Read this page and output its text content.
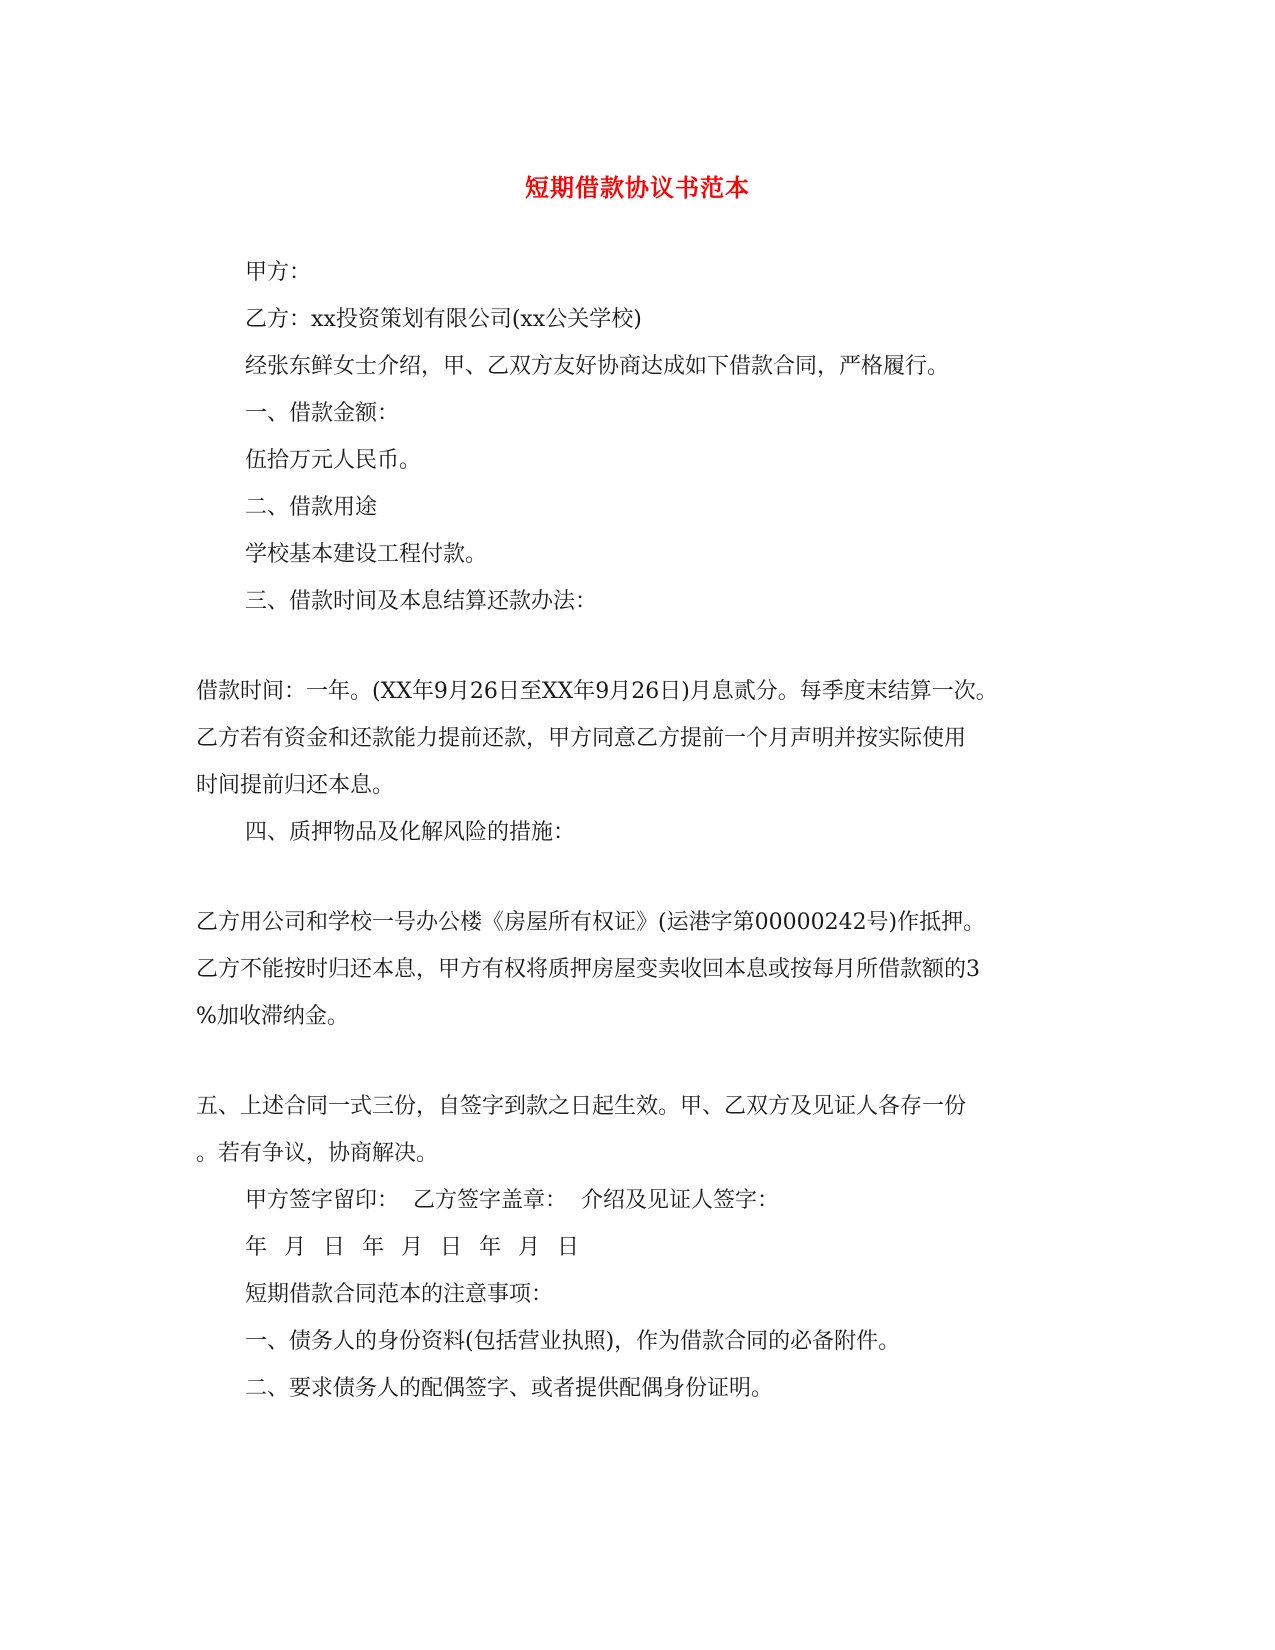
短期借款协议书范本

甲方：

乙方：xx投资策划有限公司(xx公关学校)

经张东鲜女士介绍，甲、乙双方友好协商达成如下借款合同，严格履行。

一、借款金额：

伍拾万元人民币。

二、借款用途

学校基本建设工程付款。

三、借款时间及本息结算还款办法：

借款时间：一年。(XX年9月26日至XX年9月26日)月息贰分。每季度末结算一次。

乙方若有资金和还款能力提前还款，甲方同意乙方提前一个月声明并按实际使用

时间提前归还本息。

四、质押物品及化解风险的措施：

乙方用公司和学校一号办公楼《房屋所有权证》(运港字第00000242号)作抵押。

乙方不能按时归还本息，甲方有权将质押房屋变卖收回本息或按每月所借款额的3

%加收滞纳金。

五、上述合同一式三份，自签字到款之日起生效。甲、乙双方及见证人各存一份

。若有争议，协商解决。

甲方签字留印：  乙方签字盖章：  介绍及见证人签字：

年 月 日 年 月 日 年 月 日

短期借款合同范本的注意事项：

一、债务人的身份资料(包括营业执照)，作为借款合同的必备附件。

二、要求债务人的配偶签字、或者提供配偶身份证明。
